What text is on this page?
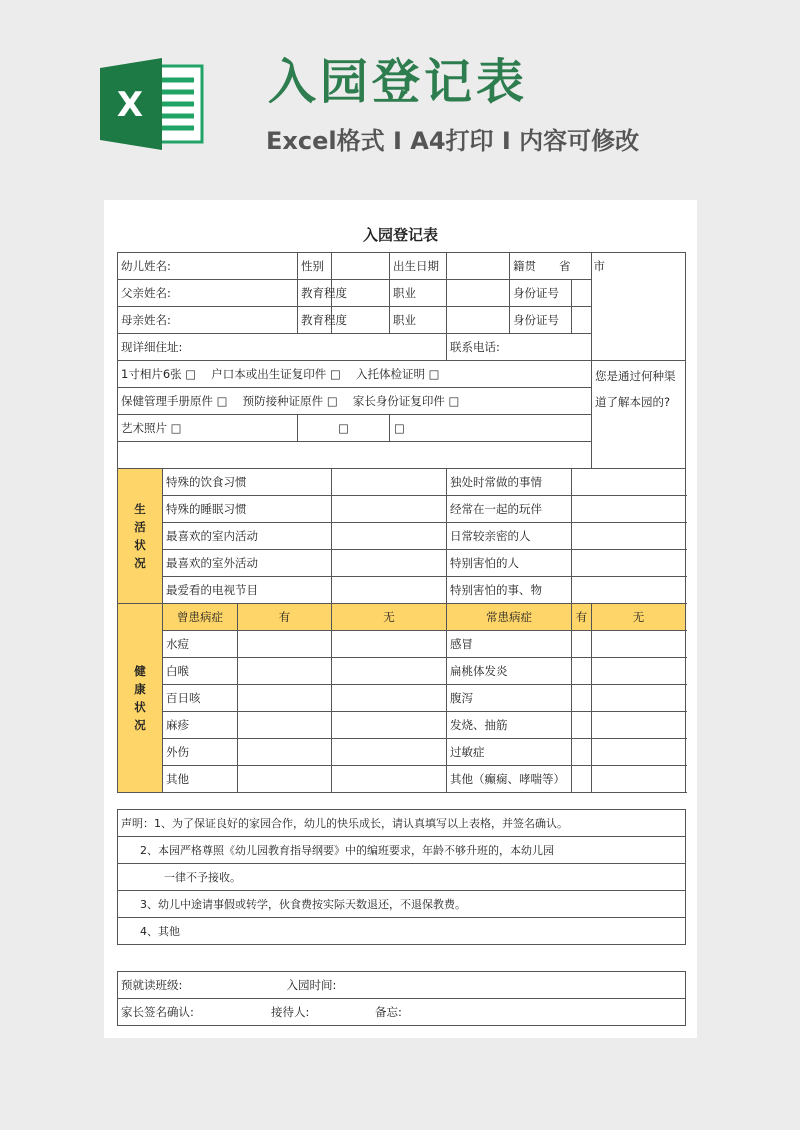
X	入园登记表
Excel格式 I A4打印 I 内容可修改
入园登记表
幼儿姓名:			性别		出生日期		籍贯　　省　　市		
父亲姓名:			教育程度		职业		身份证号		
母亲姓名:			教育程度		职业		身份证号		
现详细住址:						联系电话:			
1寸相片6张 □　 户口本或出生证复印件 □　 入托体检证明 □									您是通过何种渠道了解本园的?
保健管理手册原件 □　 预防接种证原件 □　 家长身份证复印件 □									
艺术照片 □			□		□				

生
活
状
况	特殊的饮食习惯					独处时常做的事情			
	特殊的睡眠习惯					经常在一起的玩伴			
	最喜欢的室内活动					日常较亲密的人			
	最喜欢的室外活动					特别害怕的人			
	最爱看的电视节目					特别害怕的事、物			
健
康
状
况	曾患病症	有		无		常患病症		有	无
	水痘					感冒			
	白喉					扁桃体发炎			
	百日咳					腹泻			
	麻疹					发烧、抽筋			
	外伤					过敏症			
	其他					其他（癫痫、哮喘等）			
声明：1、为了保证良好的家园合作，幼儿的快乐成长，请认真填写以上表格，并签名确认。
2、本园严格尊照《幼儿园教育指导纲要》中的编班要求，年龄不够升班的，本幼儿园
一律不予接收。
3、幼儿中途请事假或转学，伙食费按实际天数退还，不退保教费。
4、其他
预就读班级:	入园时间:
家长签名确认:	接待人:	备忘:
